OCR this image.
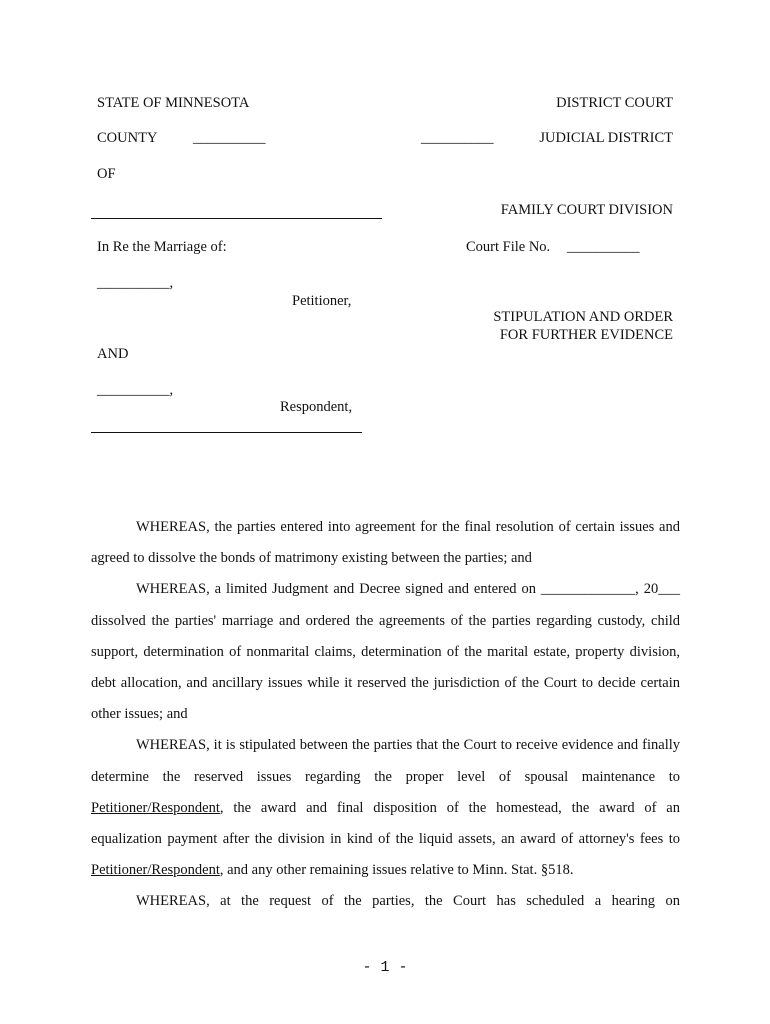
STATE OF MINNESOTA	DISTRICT COURT
COUNTY __________	__________	JUDICIAL DISTRICT
OF
FAMILY COURT DIVISION
In Re the Marriage of:	Court File No. __________
__________,
Petitioner,
STIPULATION AND ORDER
FOR FURTHER EVIDENCE
AND
__________,
Respondent,

WHEREAS, the parties entered into agreement for the final resolution of certain issues and agreed to dissolve the bonds of matrimony existing between the parties; and

WHEREAS, a limited Judgment and Decree signed and entered on _____________, 20___ dissolved the parties' marriage and ordered the agreements of the parties regarding custody, child support, determination of nonmarital claims, determination of the marital estate, property division, debt allocation, and ancillary issues while it reserved the jurisdiction of the Court to decide certain other issues; and

WHEREAS, it is stipulated between the parties that the Court to receive evidence and finally determine the reserved issues regarding the proper level of spousal maintenance to Petitioner/Respondent, the award and final disposition of the homestead, the award of an equalization payment after the division in kind of the liquid assets, an award of attorney's fees to Petitioner/Respondent, and any other remaining issues relative to Minn. Stat. §518.

WHEREAS, at the request of the parties, the Court has scheduled a hearing on

- 1 -
